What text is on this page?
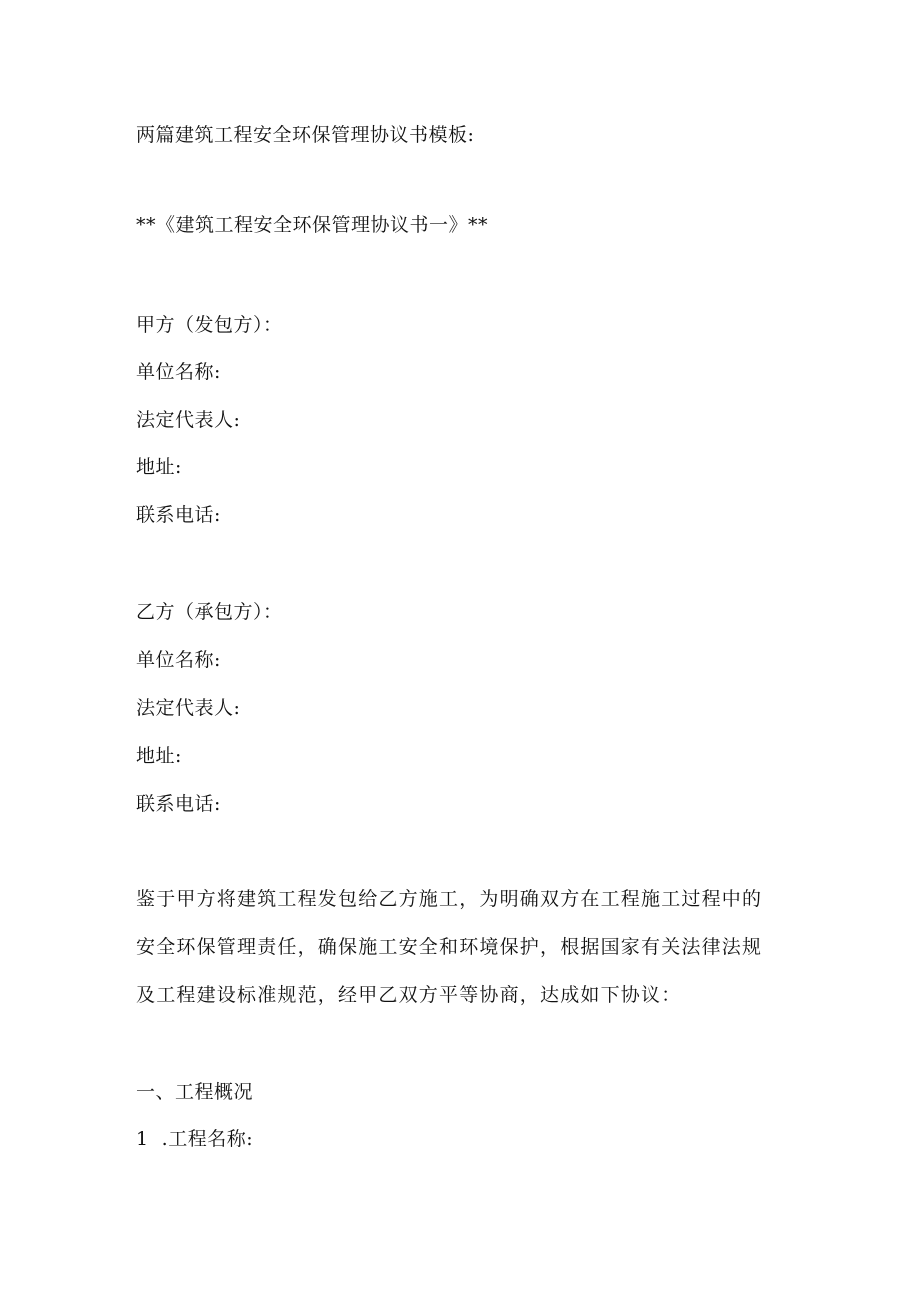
两篇建筑工程安全环保管理协议书模板:
**《建筑工程安全环保管理协议书一》**
甲方（发包方）：
单位名称:
法定代表人:
地址:
联系电话:
乙方（承包方）：
单位名称:
法定代表人:
地址:
联系电话:
鉴于甲方将建筑工程发包给乙方施工，为明确双方在工程施工过程中的
安全环保管理责任，确保施工安全和环境保护，根据国家有关法律法规
及工程建设标准规范，经甲乙双方平等协商，达成如下协议：
一、工程概况
1  .工程名称:
